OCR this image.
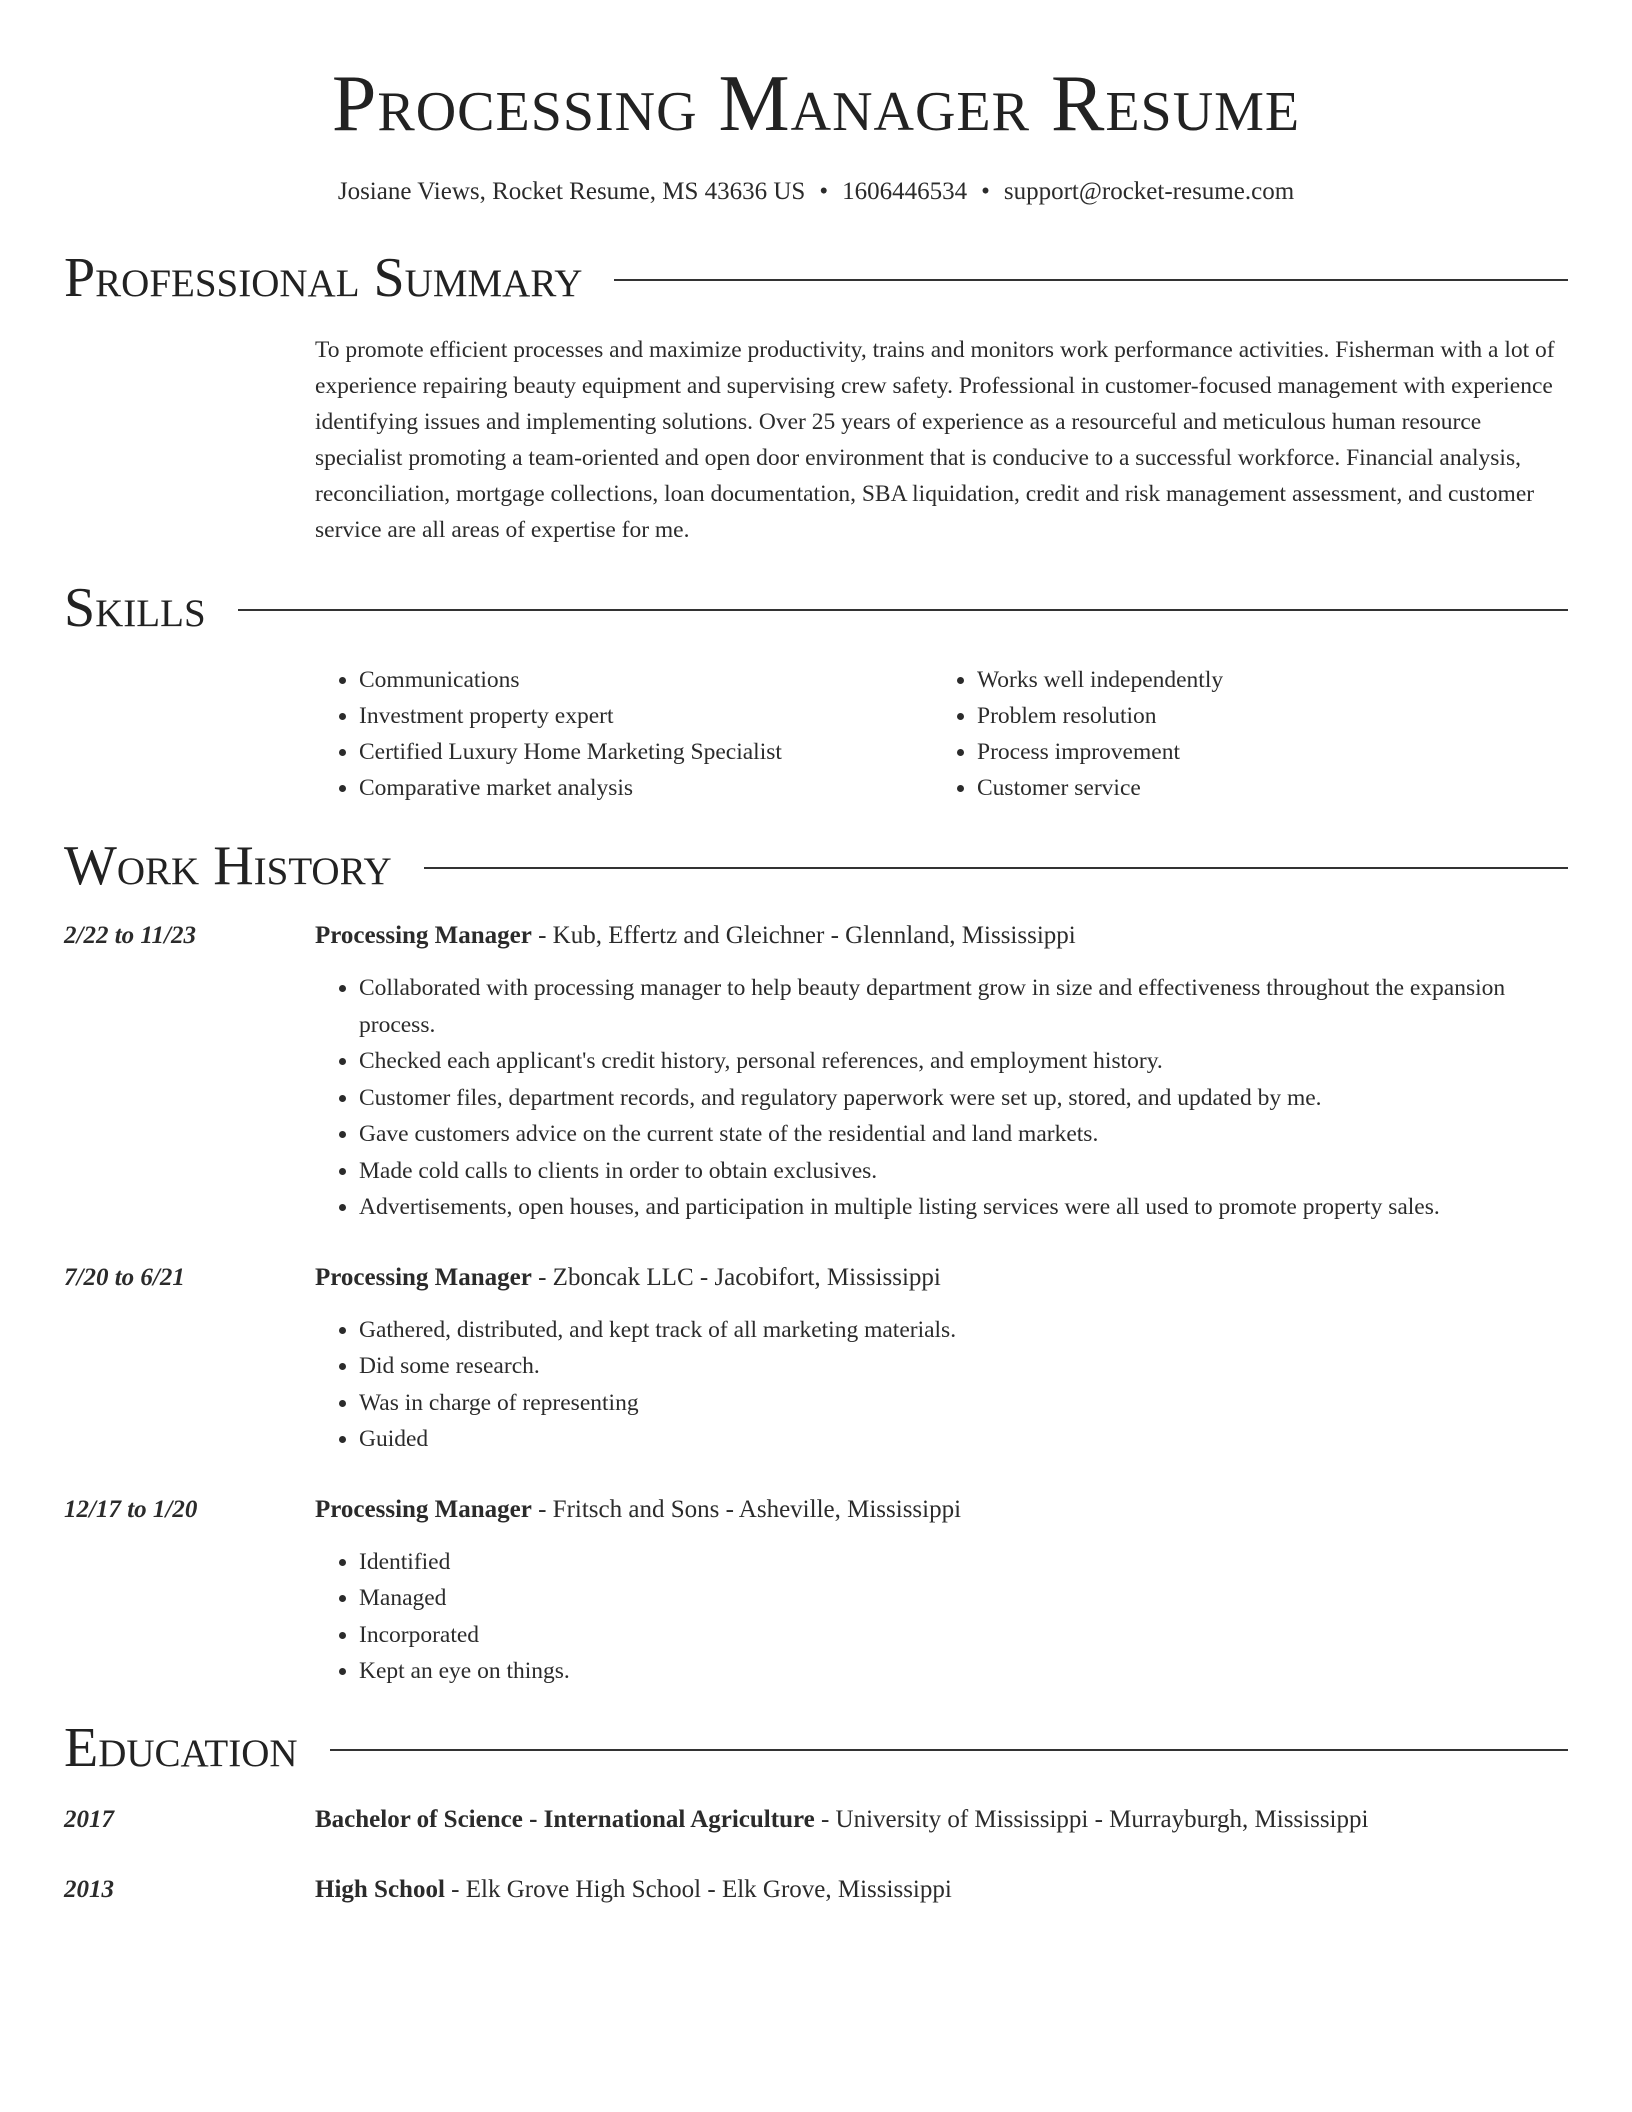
Processing Manager Resume
Josiane Views, Rocket Resume, MS 43636 US • 1606446534 • support@rocket-resume.com
Professional Summary
To promote efficient processes and maximize productivity, trains and monitors work performance activities. Fisherman with a lot of experience repairing beauty equipment and supervising crew safety. Professional in customer-focused management with experience identifying issues and implementing solutions. Over 25 years of experience as a resourceful and meticulous human resource specialist promoting a team-oriented and open door environment that is conducive to a successful workforce. Financial analysis, reconciliation, mortgage collections, loan documentation, SBA liquidation, credit and risk management assessment, and customer service are all areas of expertise for me.
Skills
• Communications
• Investment property expert
• Certified Luxury Home Marketing Specialist
• Comparative market analysis
• Works well independently
• Problem resolution
• Process improvement
• Customer service
Work History
2/22 to 11/23	Processing Manager - Kub, Effertz and Gleichner - Glennland, Mississippi
• Collaborated with processing manager to help beauty department grow in size and effectiveness throughout the expansion process.
• Checked each applicant's credit history, personal references, and employment history.
• Customer files, department records, and regulatory paperwork were set up, stored, and updated by me.
• Gave customers advice on the current state of the residential and land markets.
• Made cold calls to clients in order to obtain exclusives.
• Advertisements, open houses, and participation in multiple listing services were all used to promote property sales.
7/20 to 6/21	Processing Manager - Zboncak LLC - Jacobifort, Mississippi
• Gathered, distributed, and kept track of all marketing materials.
• Did some research.
• Was in charge of representing
• Guided
12/17 to 1/20	Processing Manager - Fritsch and Sons - Asheville, Mississippi
• Identified
• Managed
• Incorporated
• Kept an eye on things.
Education
2017	Bachelor of Science - International Agriculture - University of Mississippi - Murrayburgh, Mississippi
2013	High School - Elk Grove High School - Elk Grove, Mississippi
